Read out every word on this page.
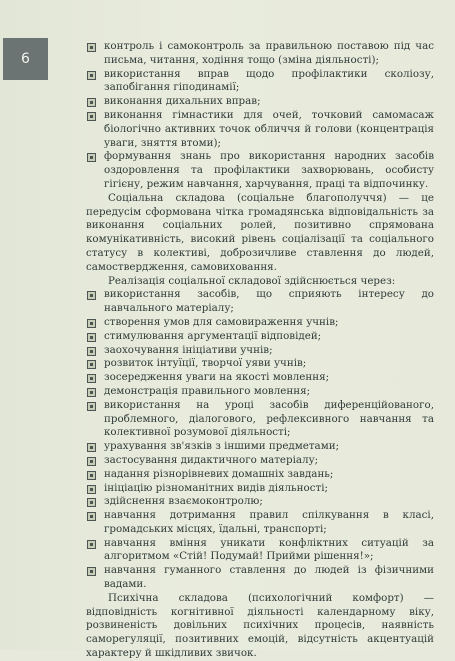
6
контроль і самоконтроль за правильною поставою під час письма, читання, ходіння тощо (зміна діяльності);
використання вправ щодо профілактики сколіозу, запобігання гіподинамії;
виконання дихальних вправ;
виконання гімнастики для очей, точковий самомасаж біологічно активних точок обличчя й голови (концентрація уваги, зняття втоми);
формування знань про використання народних засобів оздоровлення та профілактики захворювань, особисту гігієну, режим навчання, харчування, праці та відпочинку.

Соціальна складова (соціальне благополуччя) — це передусім сформована чітка громадянська відповідальність за виконання соціальних ролей, позитивно спрямована комунікативність, високий рівень соціалізації та соціального статусу в колективі, доброзичливе ставлення до людей, самоствердження, самовиховання.

Реалізація соціальної складової здійснюється через:

використання засобів, що сприяють інтересу до навчального матеріалу;
створення умов для самовираження учнів;
стимулювання аргументації відповідей;
заохочування ініціативи учнів;
розвиток інтуїції, творчої уяви учнів;
зосередження уваги на якості мовлення;
демонстрація правильного мовлення;
використання на уроці засобів диференційованого, проблемного, діалогового, рефлексивного навчання та колективної розумової діяльності;
урахування зв'язків з іншими предметами;
застосування дидактичного матеріалу;
надання різнорівневих домашніх завдань;
ініціацію різноманітних видів діяльності;
здійснення взаємоконтролю;
навчання дотримання правил спілкування в класі, громадських місцях, їдальні, транспорті;
навчання вміння уникати конфліктних ситуацій за алгоритмом «Стій! Подумай! Прийми рішення!»;
навчання гуманного ставлення до людей із фізичними вадами.

Психічна складова (психологічний комфорт) — відповідність когнітивної діяльності календарному віку, розвиненість довільних психічних процесів, наявність саморегуляції, позитивних емоцій, відсутність акцентуацій характеру й шкідливих звичок.
